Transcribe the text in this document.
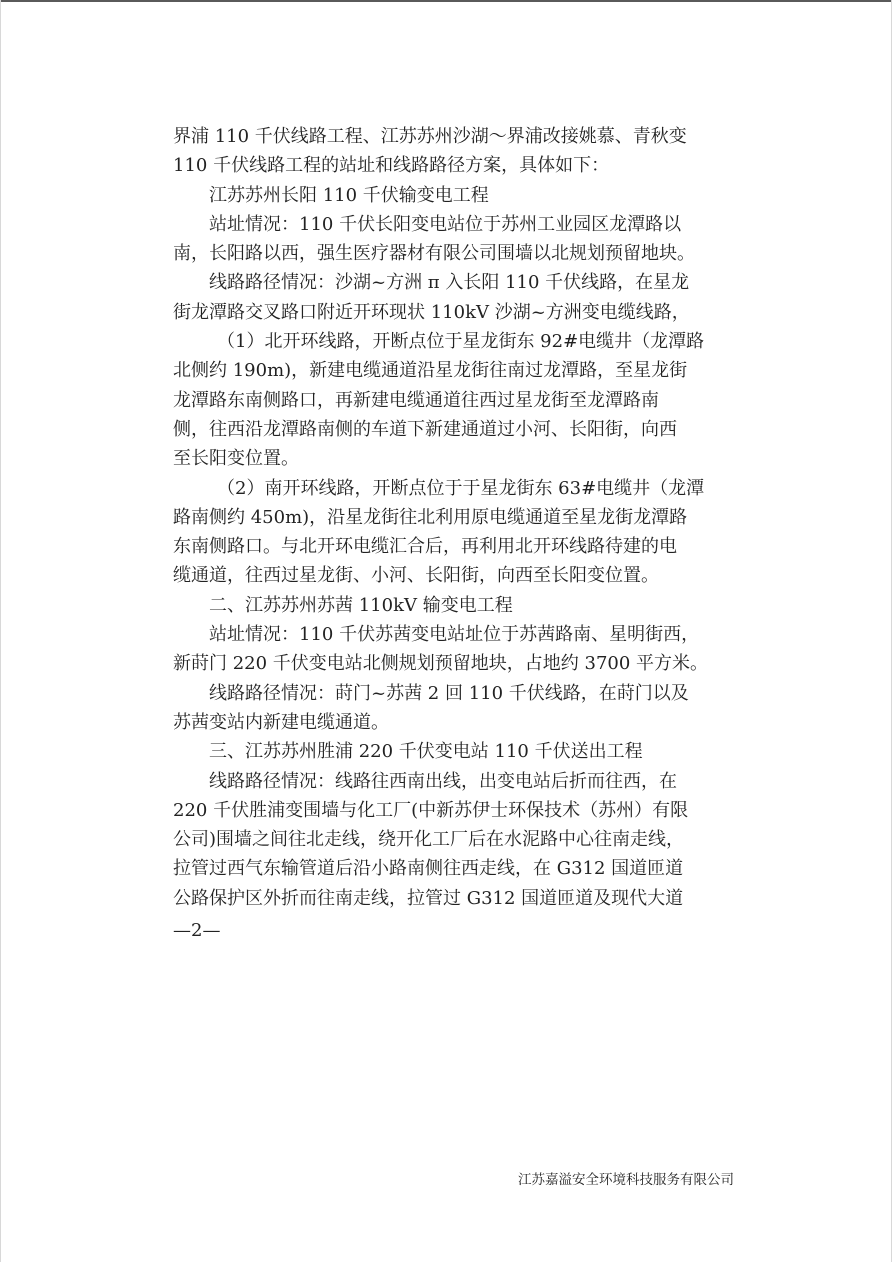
界浦 110 千伏线路工程、江苏苏州沙湖～界浦改接姚慕、青秋变
110 千伏线路工程的站址和线路路径方案，具体如下：
江苏苏州长阳 110 千伏输变电工程
站址情况：110 千伏长阳变电站位于苏州工业园区龙潭路以
南，长阳路以西，强生医疗器材有限公司围墙以北规划预留地块。
线路路径情况：沙湖~方洲 π 入长阳 110 千伏线路，在星龙
街龙潭路交叉路口附近开环现状 110kV 沙湖~方洲变电缆线路，
（1）北开环线路，开断点位于星龙街东 92#电缆井（龙潭路
北侧约 190m)，新建电缆通道沿星龙街往南过龙潭路，至星龙街
龙潭路东南侧路口，再新建电缆通道往西过星龙街至龙潭路南
侧，往西沿龙潭路南侧的车道下新建通道过小河、长阳街，向西
至长阳变位置。
（2）南开环线路，开断点位于于星龙街东 63#电缆井（龙潭
路南侧约 450m)，沿星龙街往北利用原电缆通道至星龙街龙潭路
东南侧路口。与北开环电缆汇合后，再利用北开环线路待建的电
缆通道，往西过星龙街、小河、长阳街，向西至长阳变位置。
二、江苏苏州苏茜 110kV 输变电工程
站址情况：110 千伏苏茜变电站址位于苏茜路南、星明街西，
新莳门 220 千伏变电站北侧规划预留地块，占地约 3700 平方米。
线路路径情况：莳门~苏茜 2 回 110 千伏线路，在莳门以及
苏茜变站内新建电缆通道。
三、江苏苏州胜浦 220 千伏变电站 110 千伏送出工程
线路路径情况：线路往西南出线，出变电站后折而往西，在
220 千伏胜浦变围墙与化工厂(中新苏伊士环保技术（苏州）有限
公司)围墙之间往北走线，绕开化工厂后在水泥路中心往南走线，
拉管过西气东输管道后沿小路南侧往西走线，在 G312 国道匝道
公路保护区外折而往南走线，拉管过 G312 国道匝道及现代大道
—2—
江苏嘉溢安全环境科技服务有限公司
